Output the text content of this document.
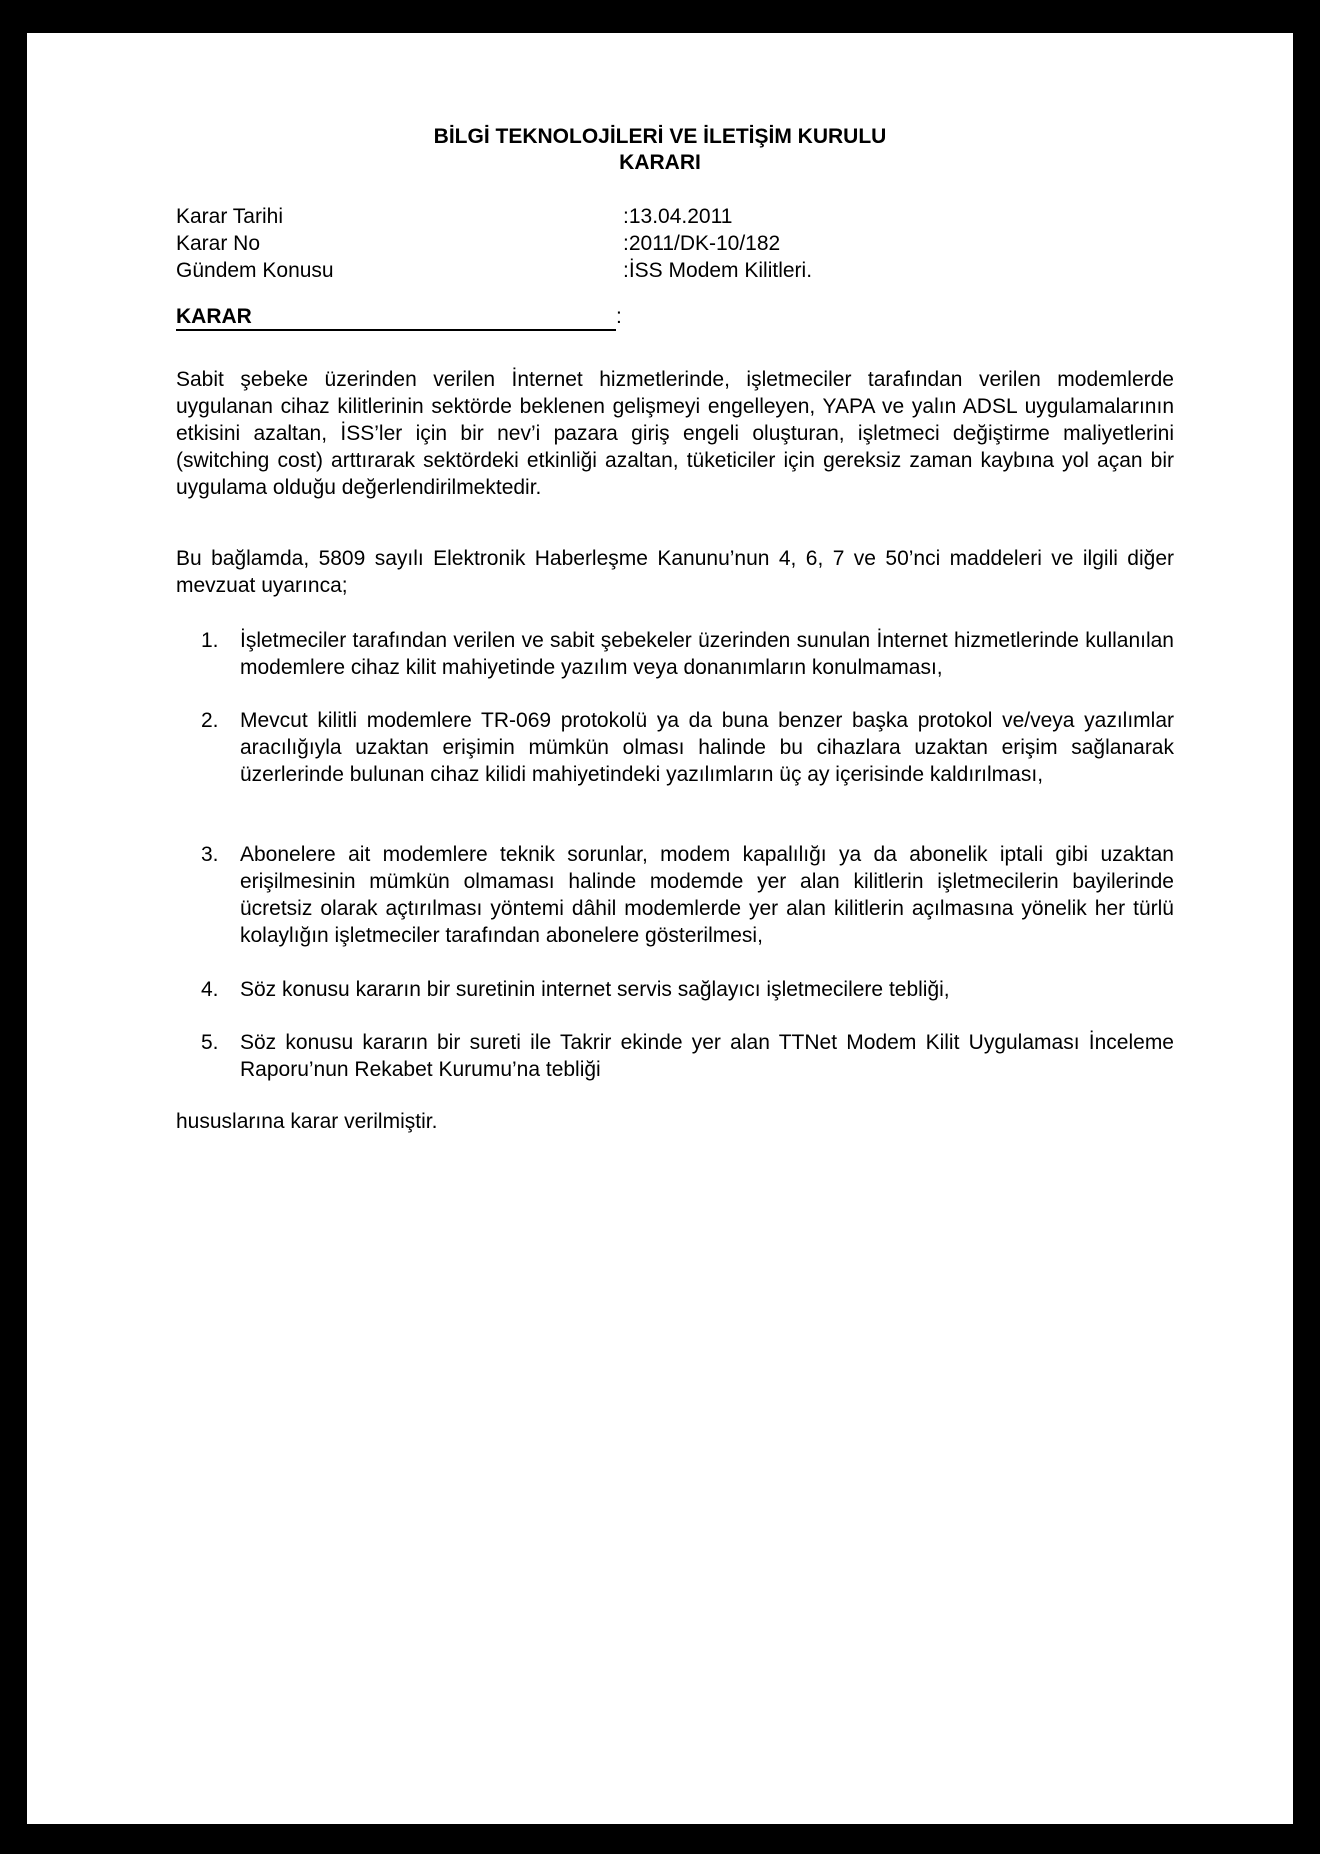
BİLGİ TEKNOLOJİLERİ VE İLETİŞİM KURULU
KARARI
Karar Tarihi	:13.04.2011
Karar No	:2011/DK-10/182
Gündem Konusu	:İSS Modem Kilitleri.
KARAR	:
Sabit şebeke üzerinden verilen İnternet hizmetlerinde, işletmeciler tarafından verilen modemlerde uygulanan cihaz kilitlerinin sektörde beklenen gelişmeyi engelleyen, YAPA ve yalın ADSL uygulamalarının etkisini azaltan, İSS’ler için bir nev’i pazara giriş engeli oluşturan, işletmeci değiştirme maliyetlerini (switching cost) arttırarak sektördeki etkinliği azaltan, tüketiciler için gereksiz zaman kaybına yol açan bir uygulama olduğu değerlendirilmektedir.
Bu bağlamda, 5809 sayılı Elektronik Haberleşme Kanunu’nun 4, 6, 7 ve 50’nci maddeleri ve ilgili diğer mevzuat uyarınca;
1. İşletmeciler tarafından verilen ve sabit şebekeler üzerinden sunulan İnternet hizmetlerinde kullanılan modemlere cihaz kilit mahiyetinde yazılım veya donanımların konulmaması,
2. Mevcut kilitli modemlere TR-069 protokolü ya da buna benzer başka protokol ve/veya yazılımlar aracılığıyla uzaktan erişimin mümkün olması halinde bu cihazlara uzaktan erişim sağlanarak üzerlerinde bulunan cihaz kilidi mahiyetindeki yazılımların üç ay içerisinde kaldırılması,
3. Abonelere ait modemlere teknik sorunlar, modem kapalılığı ya da abonelik iptali gibi uzaktan erişilmesinin mümkün olmaması halinde modemde yer alan kilitlerin işletmecilerin bayilerinde ücretsiz olarak açtırılması yöntemi dâhil modemlerde yer alan kilitlerin açılmasına yönelik her türlü kolaylığın işletmeciler tarafından abonelere gösterilmesi,
4. Söz konusu kararın bir suretinin internet servis sağlayıcı işletmecilere tebliği,
5. Söz konusu kararın bir sureti ile Takrir ekinde yer alan TTNet Modem Kilit Uygulaması İnceleme Raporu’nun Rekabet Kurumu’na tebliği
hususlarına karar verilmiştir.
